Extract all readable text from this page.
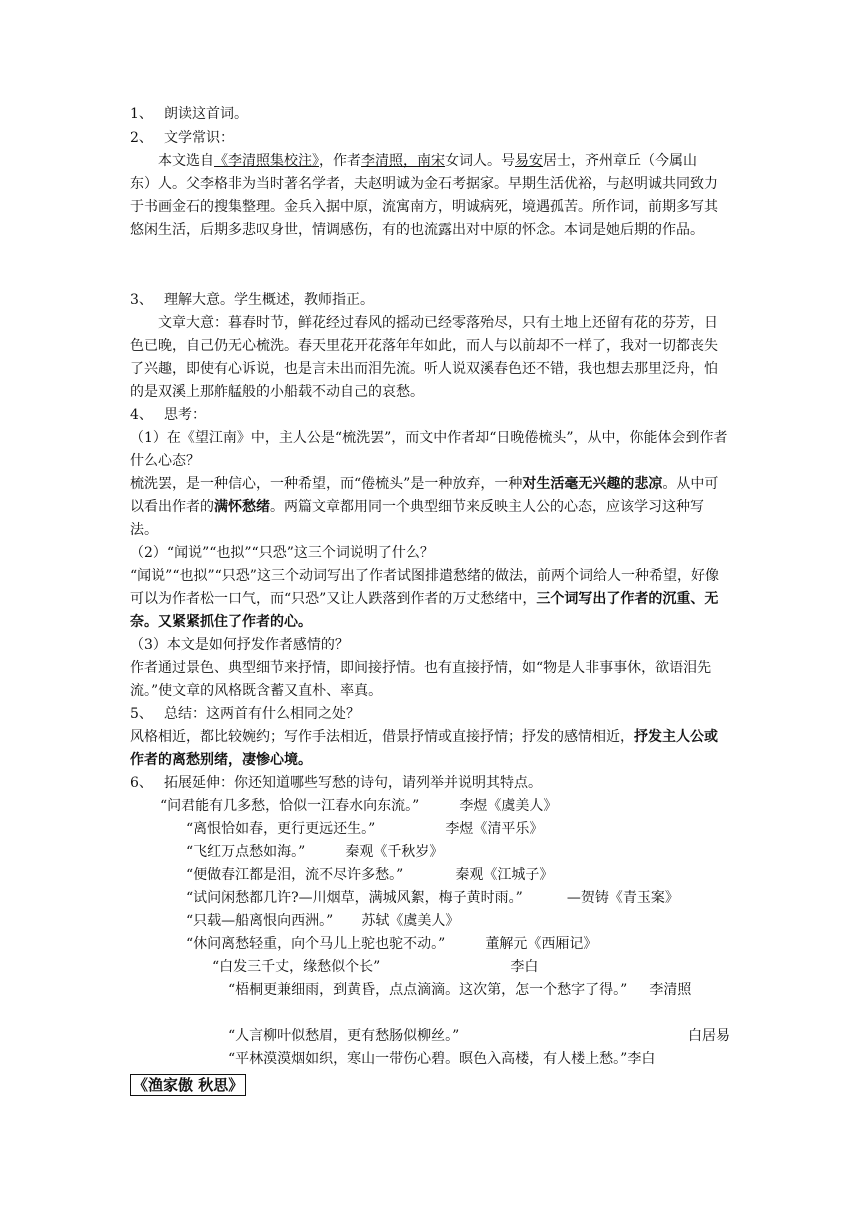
1、 朗读这首词。
2、 文学常识：

本文选自《李清照集校注》，作者李清照，南宋女词人。号易安居士，齐州章丘（今属山

东）人。父李格非为当时著名学者，夫赵明诚为金石考据家。早期生活优裕，与赵明诚共同致力于书画金石的搜集整理。金兵入据中原，流寓南方，明诚病死，境遇孤苦。所作词，前期多写其悠闲生活，后期多悲叹身世，情调感伤，有的也流露出对中原的怀念。本词是她后期的作品。

3、 理解大意。学生概述，教师指正。

文章大意：暮春时节，鲜花经过春风的摇动已经零落殆尽，只有土地上还留有花的芬芳，日色已晚，自己仍无心梳洗。春天里花开花落年年如此，而人与以前却不一样了，我对一切都丧失了兴趣，即使有心诉说，也是言未出而泪先流。听人说双溪春色还不错，我也想去那里泛舟，怕的是双溪上那舴艋般的小船载不动自己的哀愁。

4、 思考：

（1）在《望江南》中，主人公是“梳洗罢”，而文中作者却“日晚倦梳头”，从中，你能体会到作者什么心态？

梳洗罢，是一种信心，一种希望，而“倦梳头”是一种放弃，一种对生活毫无兴趣的悲凉。从中可以看出作者的满怀愁绪。两篇文章都用同一个典型细节来反映主人公的心态，应该学习这种写法。

（2）“闻说”“也拟”“只恐”这三个词说明了什么？

“闻说”“也拟”“只恐”这三个动词写出了作者试图排遣愁绪的做法，前两个词给人一种希望，好像可以为作者松一口气，而“只恐”又让人跌落到作者的万丈愁绪中，三个词写出了作者的沉重、无奈。又紧紧抓住了作者的心。

（3）本文是如何抒发作者感情的？

作者通过景色、典型细节来抒情，即间接抒情。也有直接抒情，如“物是人非事事休，欲语泪先流。”使文章的风格既含蓄又直朴、率真。

5、 总结：这两首有什么相同之处？

风格相近，都比较婉约；写作手法相近，借景抒情或直接抒情；抒发的感情相近，抒发主人公或作者的离愁别绪，凄惨心境。

6、 拓展延伸：你还知道哪些写愁的诗句，请列举并说明其特点。
“问君能有几多愁，恰似一江春水向东流。”	李煜《虞美人》
“离恨恰如春，更行更远还生。”	李煜《清平乐》
“飞红万点愁如海。”	秦观《千秋岁》
“便做春江都是泪，流不尽许多愁。”	秦观《江城子》
“试问闲愁都几许?—川烟草，满城风絮，梅子黄时雨。”	—贺铸《青玉案》
“只载—船离恨向西洲。” 苏轼《虞美人》
“休问离愁轻重，向个马儿上驼也驼不动。”	董解元《西厢记》
“白发三千丈，缘愁似个长”	李白

“梧桐更兼细雨，到黄昏，点点滴滴。这次第，怎一个愁字了得。” 李清照

“人言柳叶似愁眉，更有愁肠似柳丝。”	白居易
“平林漠漠烟如织，寒山一带伤心碧。暝色入高楼，有人楼上愁。”李白
《渔家傲 秋思》
